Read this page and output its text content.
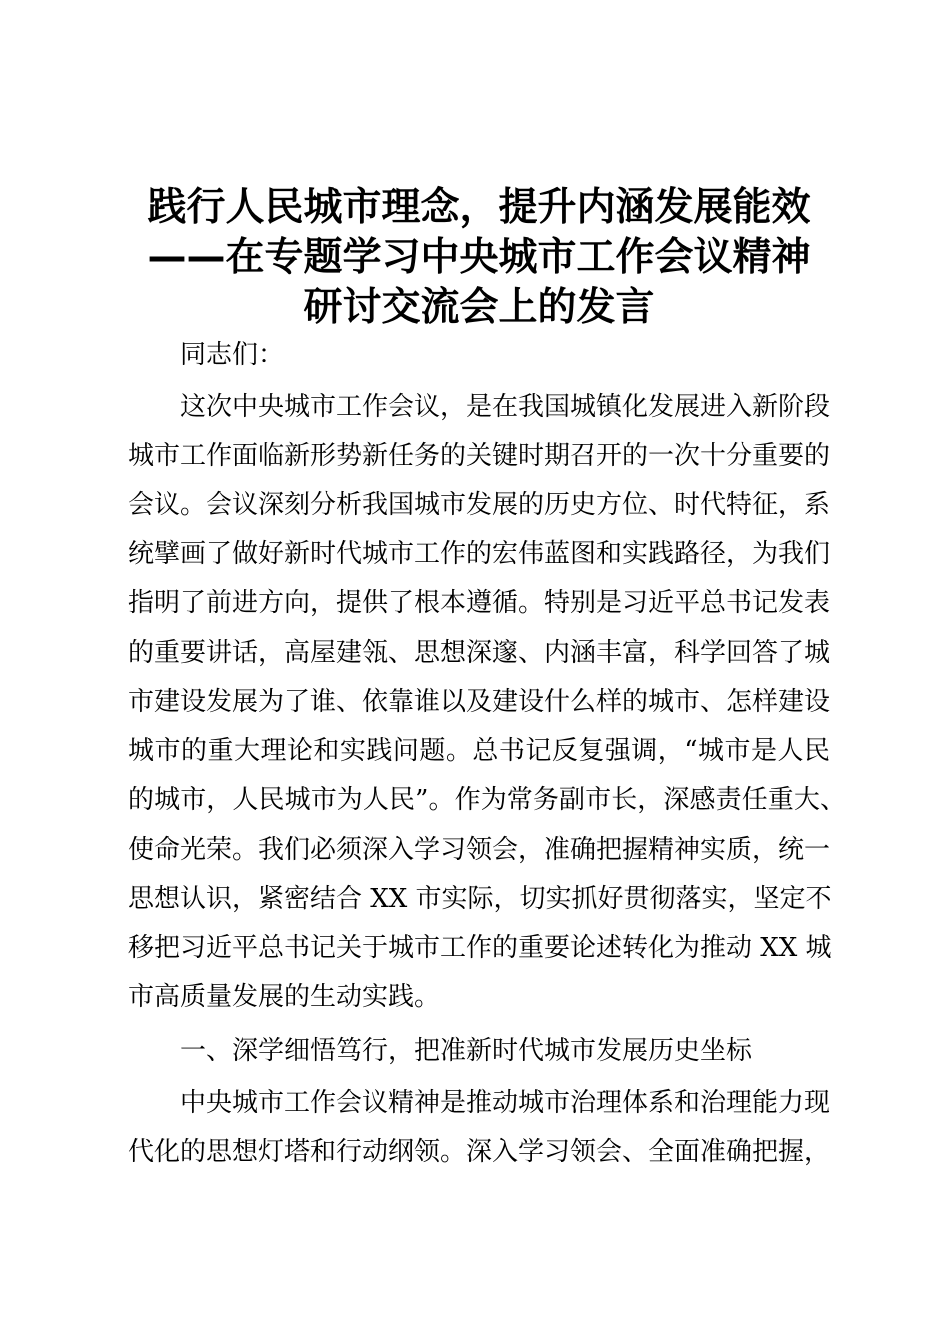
践行人民城市理念，提升内涵发展能效
——在专题学习中央城市工作会议精神
研讨交流会上的发言
同志们：
这次中央城市工作会议，是在我国城镇化发展进入新阶段
城市工作面临新形势新任务的关键时期召开的一次十分重要的
会议。会议深刻分析我国城市发展的历史方位、时代特征，系
统擘画了做好新时代城市工作的宏伟蓝图和实践路径，为我们
指明了前进方向，提供了根本遵循。特别是习近平总书记发表
的重要讲话，高屋建瓴、思想深邃、内涵丰富，科学回答了城
市建设发展为了谁、依靠谁以及建设什么样的城市、怎样建设
城市的重大理论和实践问题。总书记反复强调，“城市是人民
的城市，人民城市为人民”。作为常务副市长，深感责任重大、
使命光荣。我们必须深入学习领会，准确把握精神实质，统一
思想认识，紧密结合 XX 市实际，切实抓好贯彻落实，坚定不
移把习近平总书记关于城市工作的重要论述转化为推动 XX 城
市高质量发展的生动实践。
一、深学细悟笃行，把准新时代城市发展历史坐标
中央城市工作会议精神是推动城市治理体系和治理能力现
代化的思想灯塔和行动纲领。深入学习领会、全面准确把握，
